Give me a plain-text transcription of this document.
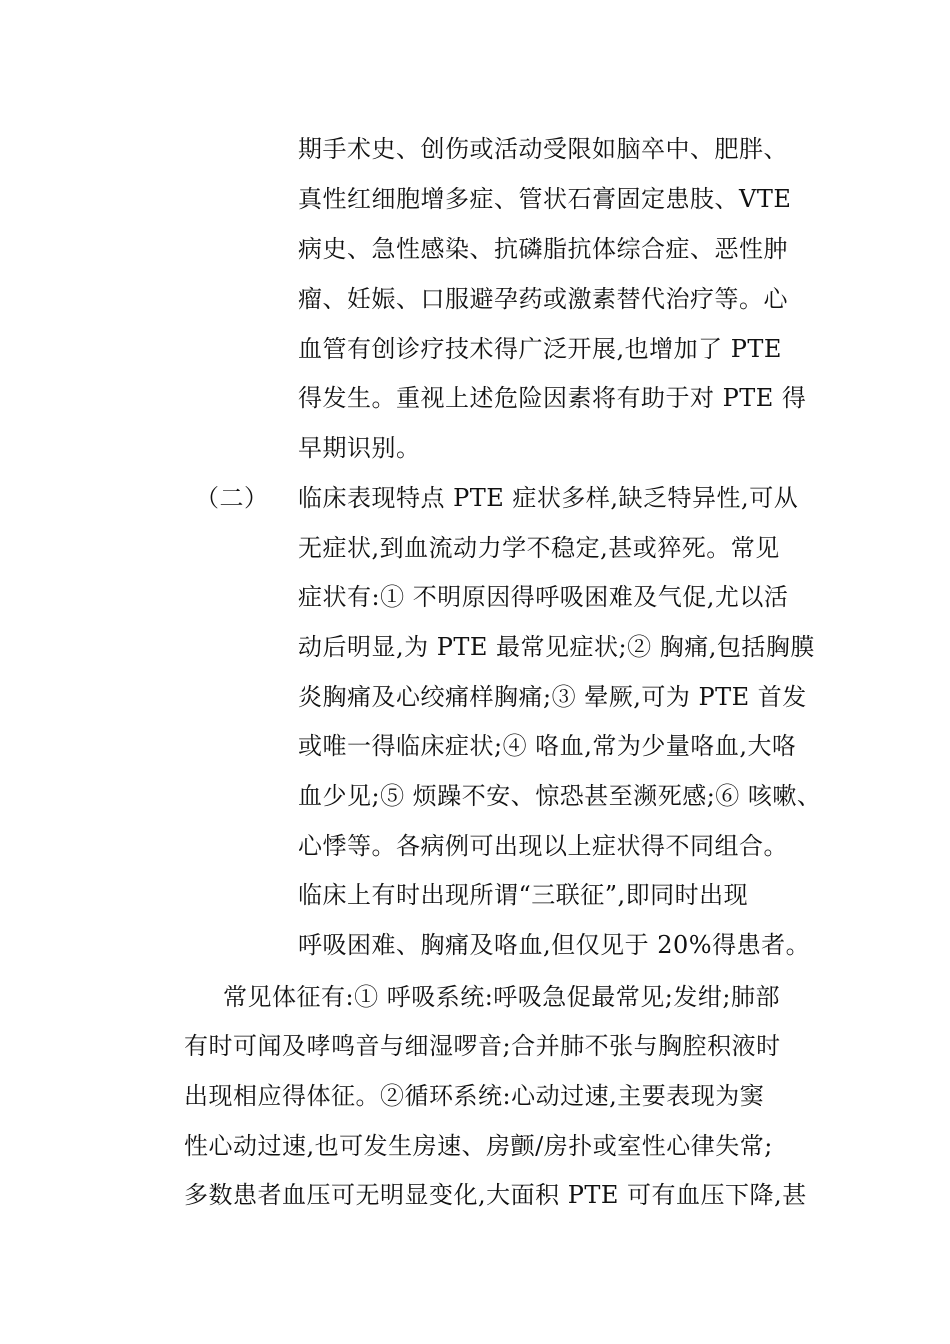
期手术史、创伤或活动受限如脑卒中、肥胖、
真性红细胞增多症、管状石膏固定患肢、VTE
病史、急性感染、抗磷脂抗体综合症、恶性肿
瘤、妊娠、口服避孕药或激素替代治疗等。心
血管有创诊疗技术得广泛开展,也增加了 PTE
得发生。重视上述危险因素将有助于对 PTE 得
早期识别。
（二） 临床表现特点 PTE 症状多样,缺乏特异性,可从
无症状,到血流动力学不稳定,甚或猝死。常见
症状有:① 不明原因得呼吸困难及气促,尤以活
动后明显,为 PTE 最常见症状;② 胸痛,包括胸膜
炎胸痛及心绞痛样胸痛;③ 晕厥,可为 PTE 首发
或唯一得临床症状;④ 咯血,常为少量咯血,大咯
血少见;⑤ 烦躁不安、惊恐甚至濒死感;⑥ 咳嗽、
心悸等。各病例可出现以上症状得不同组合。
临床上有时出现所谓“三联征”,即同时出现
呼吸困难、胸痛及咯血,但仅见于 20%得患者。
常见体征有:① 呼吸系统:呼吸急促最常见;发绀;肺部
有时可闻及哮鸣音与细湿啰音;合并肺不张与胸腔积液时
出现相应得体征。②循环系统:心动过速,主要表现为窦
性心动过速,也可发生房速、房颤/房扑或室性心律失常;
多数患者血压可无明显变化,大面积 PTE 可有血压下降,甚
